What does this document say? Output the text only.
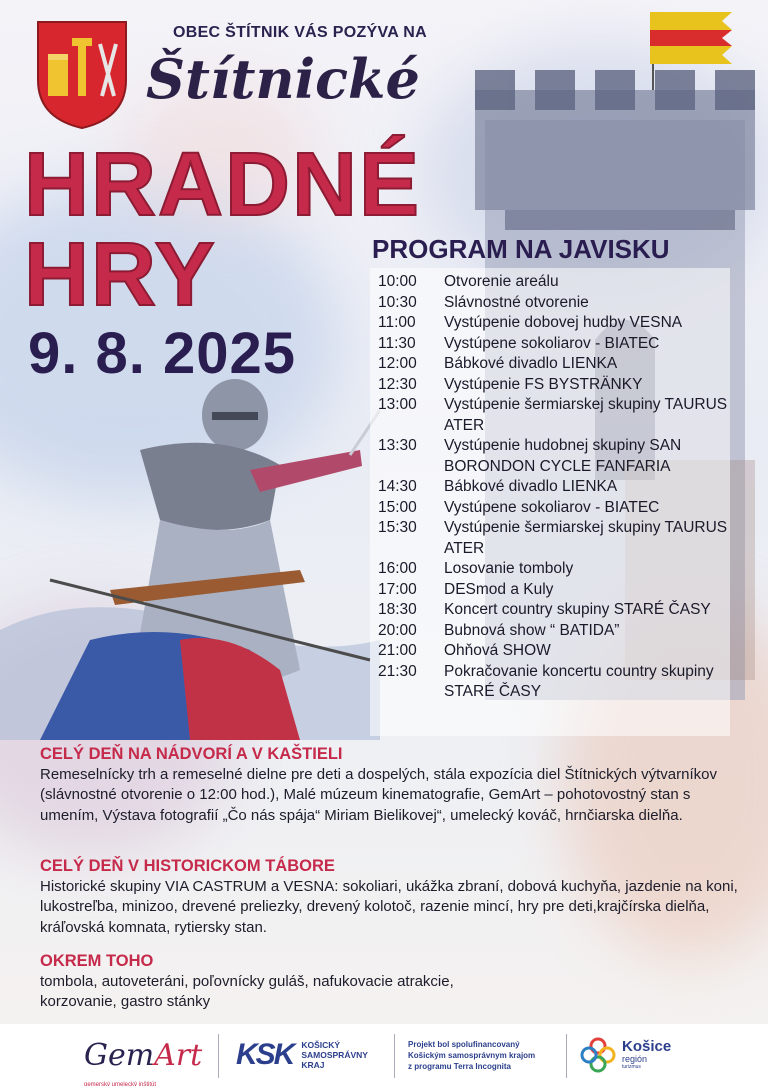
OBEC ŠTÍTNIK VÁS POZÝVA NA
Štítnické
HRADNÉ
HRY
9. 8. 2025
PROGRAM NA JAVISKU
10:00	Otvorenie areálu
10:30	Slávnostné otvorenie
11:00	Vystúpenie dobovej hudby VESNA
11:30	Vystúpene sokoliarov - BIATEC
12:00	Bábkové divadlo LIENKA
12:30	Vystúpenie FS BYSTRÄNKY
13:00	Vystúpenie šermiarskej skupiny TAURUS ATER
13:30	Vystúpenie hudobnej skupiny SAN BORONDON CYCLE FANFARIA
14:30	Bábkové divadlo LIENKA
15:00	Vystúpene sokoliarov - BIATEC
15:30	Vystúpenie šermiarskej skupiny TAURUS ATER
16:00	Losovanie tomboly
17:00	DESmod a Kuly
18:30	Koncert country skupiny STARÉ ČASY
20:00	Bubnová show “ BATIDA”
21:00	Ohňová SHOW
21:30	Pokračovanie koncertu country skupiny STARÉ ČASY
CELÝ DEŇ NA NÁDVORÍ A V KAŠTIELI

Remeselnícky trh a remeselné dielne pre deti a dospelých, stála expozícia diel Štítnických výtvarníkov (slávnostné otvorenie o 12:00 hod.), Malé múzeum kinematografie, GemArt – pohotovostný stan s umením, Výstava fotografií „Čo nás spája“ Miriam Bielikovej“, umelecký kováč, hrnčiarska dielňa.

CELÝ DEŇ V HISTORICKOM TÁBORE

Historické skupiny VIA CASTRUM a VESNA: sokoliari, ukážka zbraní, dobová kuchyňa, jazdenie na koni, lukostreľba, minizoo, drevené preliezky, drevený kolotoč, razenie mincí, hry pre deti,krajčírska dielňa, kráľovská komnata, rytiersky stan.

OKREM TOHO

tombola, autoveteráni, poľovnícky guláš, nafukovacie atrakcie, korzovanie, gastro stánky

GemArt
gemerský umelecký inštitút
KSK KOŠICKÝ
SAMOSPRÁVNY
KRAJ
Projekt bol spolufinancovaný
Košickým samosprávnym krajom
z programu Terra Incognita
Košice
región
turizmus
